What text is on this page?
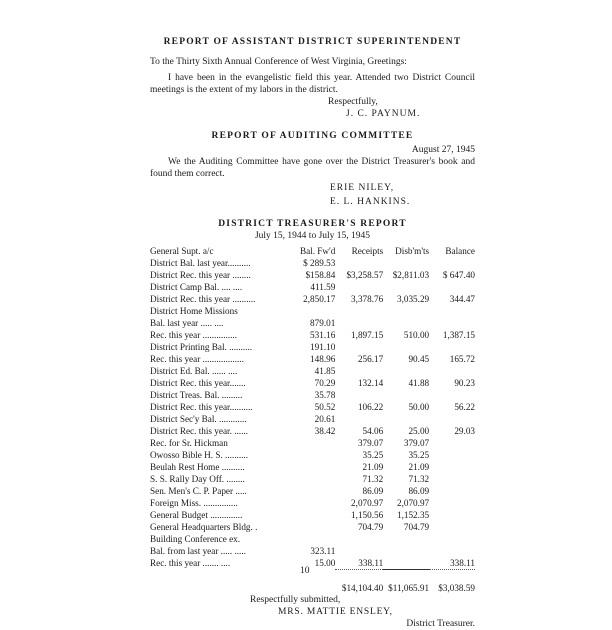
REPORT OF ASSISTANT DISTRICT SUPERINTENDENT

To the Thirty Sixth Annual Conference of West Virginia, Greetings:

I have been in the evangelistic field this year. Attended two District Council meetings is the extent of my labors in the district.

Respectfully,
J. C. PAYNUM.
REPORT OF AUDITING COMMITTEE
August 27, 1945

We the Auditing Committee have gone over the District Treasurer's book and found them correct.

ERIE NILEY,
E. L. HANKINS.
DISTRICT TREASURER'S REPORT
July 15, 1944 to July 15, 1945
General Supt. a/c	Bal. Fw'd	Receipts	Disb'm'ts	Balance
District Bal. last year..........	$ 289.53			
District Rec. this year ........	$158.84	$3,258.57	$2,811.03	$ 647.40
District Camp Bal. .... ....	411.59			
District Rec. this year ..........	2,850.17	3,378.76	3,035.29	344.47
District Home Missions				
Bal. last year ..... ....	879.01			
Rec. this year ...............	531.16	1,897.15	510.00	1,387.15
District Printing Bal. ..........	191.10			
Rec. this year ..................	148.96	256.17	90.45	165.72
District Ed. Bal. ...... ....	41.85			
District Rec. this year.......	70.29	132.14	41.88	90.23
District Treas. Bal. .........	35.78			
District Rec. this year..........	50.52	106.22	50.00	56.22
District Sec'y Bal. ............	20.61			
District Rec. this year. ......	38.42	54.06	25.00	29.03
Rec. for Sr. Hickman		379.07	379.07	
Owosso Bible H. S. ..........		35.25	35.25	
Beulah Rest Home ..........		21.09	21.09	
S. S. Rally Day Off. ........		71.32	71.32	
Sen. Men's C. P. Paper .....		86.09	86.09	
Foreign Miss. ...............		2,070.97	2,070.97	
General Budget ..............		1,150.56	1,152.35	
General Headquarters Bldg. .		704.79	704.79	
Building Conference ex.				
Bal. from last year ..... .....	323.11			
Rec. this year ....... ....	15.00	338.11		338.11

		$14,104.40	$11,065.91	$3,038.59
Respectfully submitted,
MRS. MATTIE ENSLEY,
District Treasurer.
10
